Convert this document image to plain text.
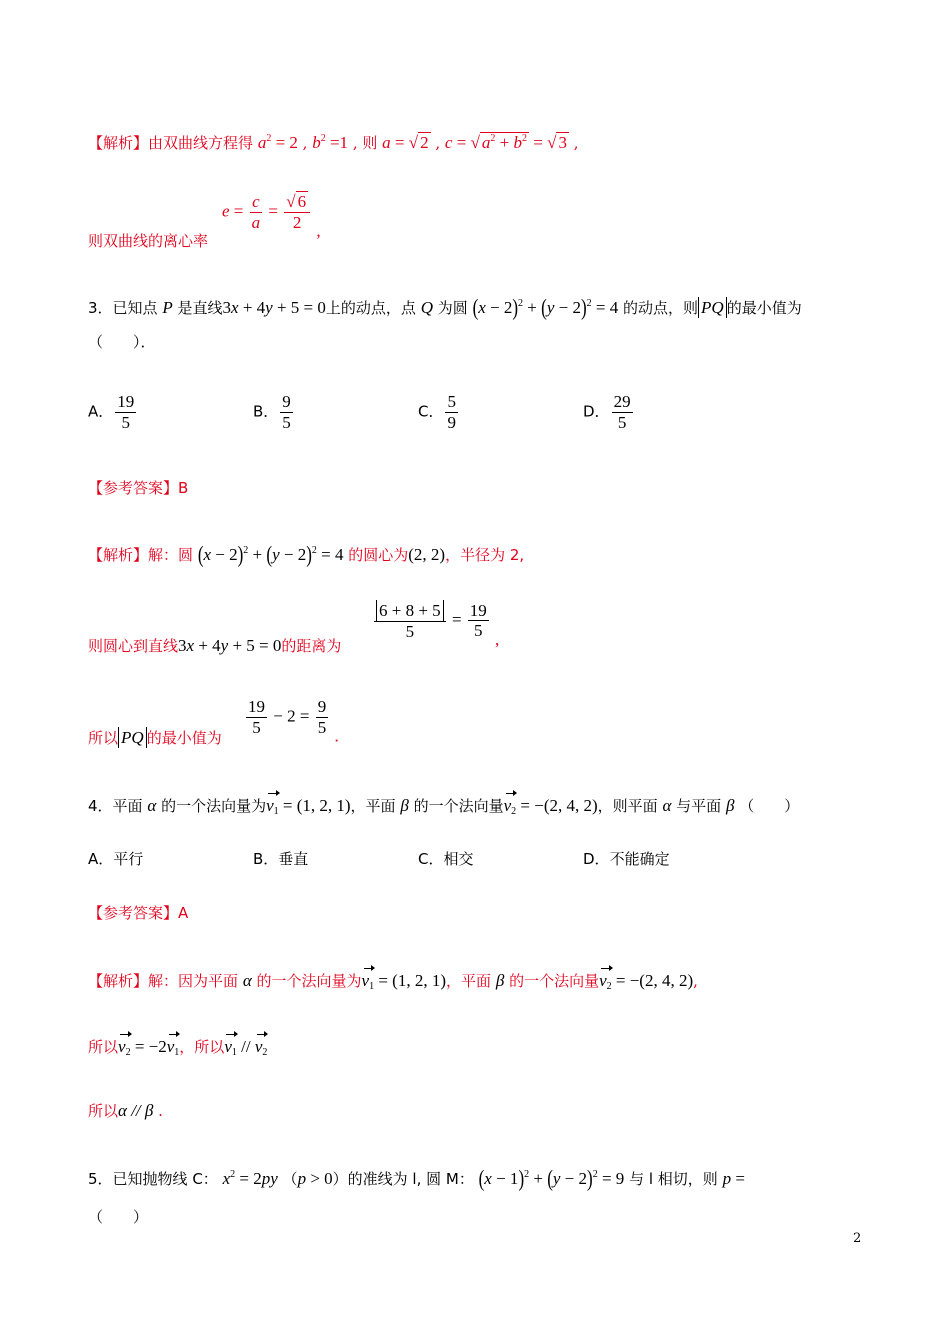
【解析】由双曲线方程得 $a^2 = 2$ , $b^2 =1$ , 则 a = √ 2 , c = √ $a^2 + b^2$ = √ 3 ,
则双曲线的离心率
$e = \frac{c}{a} = \frac{√ 6}{2}$ ,
3．已知点 P 是直线3x + 4y + 5 = 0上的动点，点 Q 为圆 $(x - 2)^2 + (y - 2)^2 = 4$ 的动点，则 PQ 的最小值为
（　　）．
A． $\frac{19}{5}$	B． $\frac{9}{5}$	C． $\frac{5}{9}$	D． $\frac{29}{5}$
【参考答案】B
【解析】解：圆 $(x - 2)^2 + (y - 2)^2 = 4$ 的圆心为(2, 2)，半径为 2,
则圆心到直线3x + 4y + 5 = 0的距离为
$\frac{6 + 8 + 5}{5} = \frac{19}{5}$ ,
所以 PQ 的最小值为
$\frac{19}{5} - 2 = \frac{9}{5}$ .
4．平面 α 的一个法向量为$v_1 = (1$, 2, 1)，平面 β 的一个法向量$v_2 = -(2$, 4, 2)，则平面 α 与平面 β （　　）
A．平行	B．垂直	C．相交	D．不能确定
【参考答案】A
【解析】解：因为平面 α 的一个法向量为$v_1 = (1$, 2, 1)，平面 β 的一个法向量$v_2 = -(2$, 4, 2),
所以$v_2 = -2v_1$，所以$v_1 // v_2$
所以α // β .
5．已知抛物线 C： $x^2 = 2py$ （p > 0）的准线为 l, 圆 M： $(x - 1)^2 + (y - 2)^2 = 9$ 与 l 相切，则 p =
（　　）
2
